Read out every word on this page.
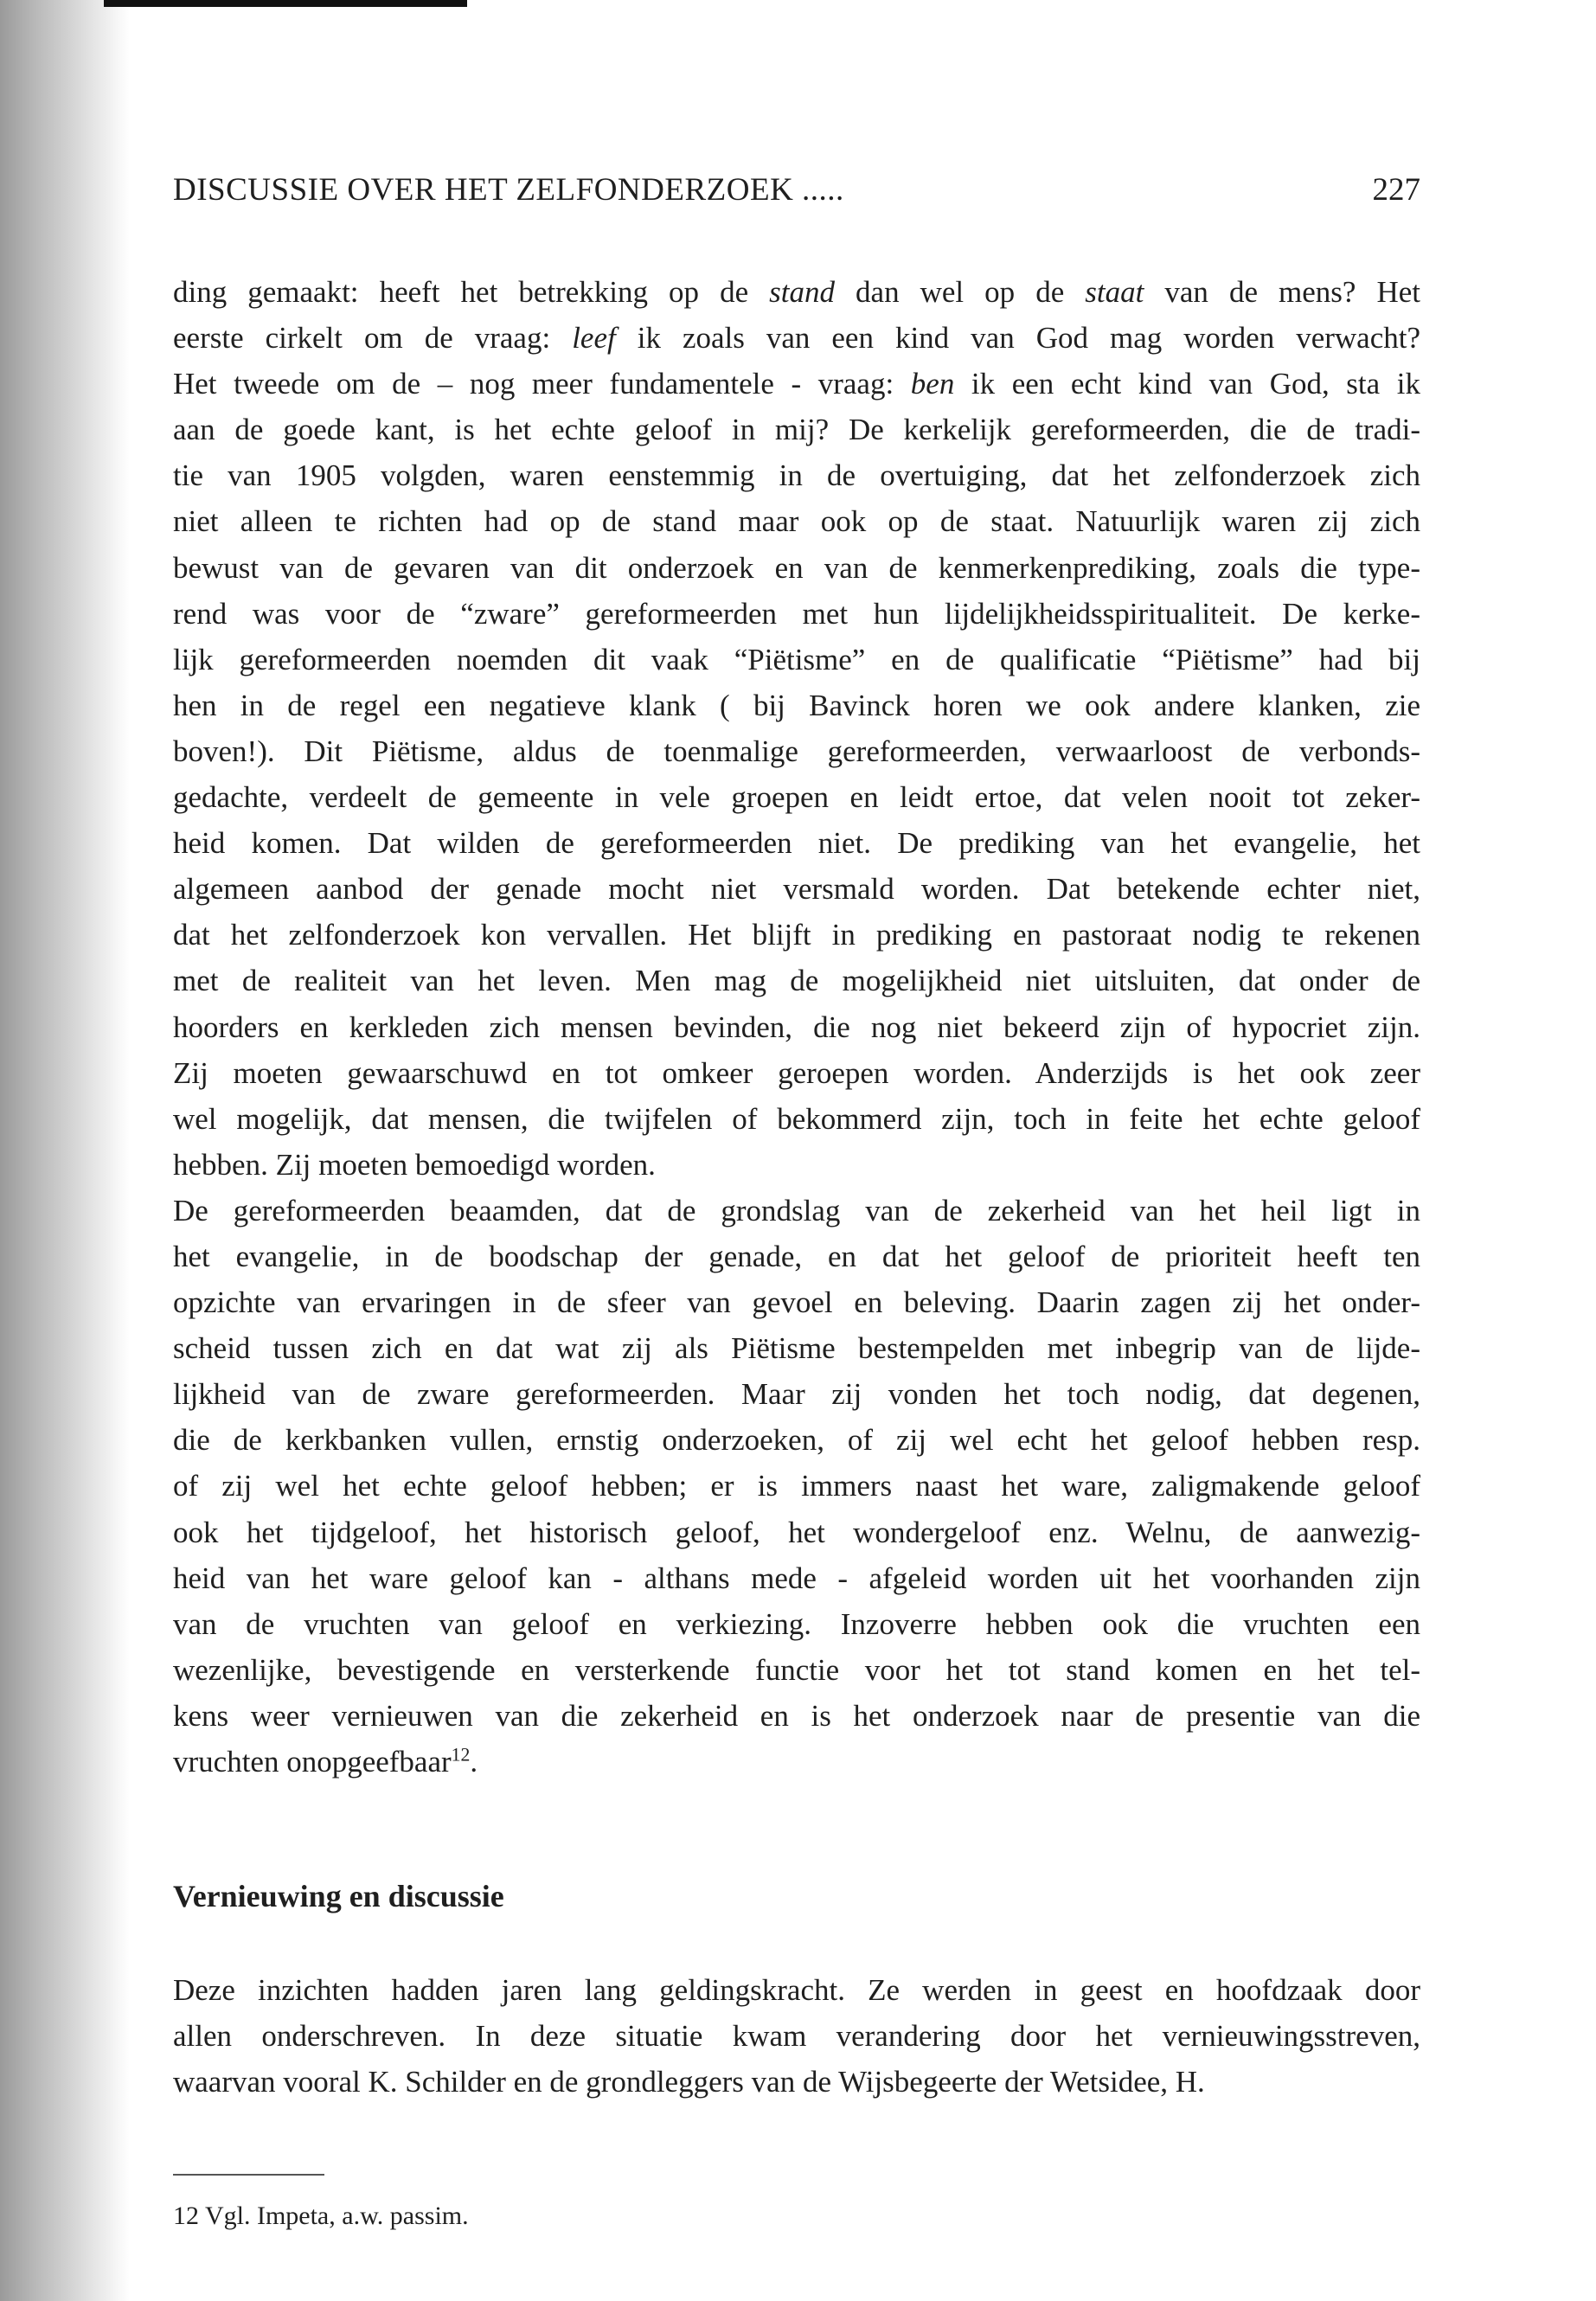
DISCUSSIE OVER HET ZELFONDERZOEK .....	227
ding gemaakt: heeft het betrekking op de stand dan wel op de staat van de mens? Het
eerste cirkelt om de vraag: leef ik zoals van een kind van God mag worden verwacht?
Het tweede om de – nog meer fundamentele - vraag: ben ik een echt kind van God, sta ik
aan de goede kant, is het echte geloof in mij? De kerkelijk gereformeerden, die de tradi-
tie van 1905 volgden, waren eenstemmig in de overtuiging, dat het zelfonderzoek zich
niet alleen te richten had op de stand maar ook op de staat. Natuurlijk waren zij zich
bewust van de gevaren van dit onderzoek en van de kenmerkenprediking, zoals die type-
rend was voor de “zware” gereformeerden met hun lijdelijkheidsspiritualiteit. De kerke-
lijk gereformeerden noemden dit vaak “Piëtisme” en de qualificatie “Piëtisme” had bij
hen in de regel een negatieve klank ( bij Bavinck horen we ook andere klanken, zie
boven!). Dit Piëtisme, aldus de toenmalige gereformeerden, verwaarloost de verbonds-
gedachte, verdeelt de gemeente in vele groepen en leidt ertoe, dat velen nooit tot zeker-
heid komen. Dat wilden de gereformeerden niet. De prediking van het evangelie, het
algemeen aanbod der genade mocht niet versmald worden. Dat betekende echter niet,
dat het zelfonderzoek kon vervallen. Het blijft in prediking en pastoraat nodig te rekenen
met de realiteit van het leven. Men mag de mogelijkheid niet uitsluiten, dat onder de
hoorders en kerkleden zich mensen bevinden, die nog niet bekeerd zijn of hypocriet zijn.
Zij moeten gewaarschuwd en tot omkeer geroepen worden. Anderzijds is het ook zeer
wel mogelijk, dat mensen, die twijfelen of bekommerd zijn, toch in feite het echte geloof
hebben. Zij moeten bemoedigd worden.
De gereformeerden beaamden, dat de grondslag van de zekerheid van het heil ligt in
het evangelie, in de boodschap der genade, en dat het geloof de prioriteit heeft ten
opzichte van ervaringen in de sfeer van gevoel en beleving. Daarin zagen zij het onder-
scheid tussen zich en dat wat zij als Piëtisme bestempelden met inbegrip van de lijde-
lijkheid van de zware gereformeerden. Maar zij vonden het toch nodig, dat degenen,
die de kerkbanken vullen, ernstig onderzoeken, of zij wel echt het geloof hebben resp.
of zij wel het echte geloof hebben; er is immers naast het ware, zaligmakende geloof
ook het tijdgeloof, het historisch geloof, het wondergeloof enz. Welnu, de aanwezig-
heid van het ware geloof kan - althans mede - afgeleid worden uit het voorhanden zijn
van de vruchten van geloof en verkiezing. Inzoverre hebben ook die vruchten een
wezenlijke, bevestigende en versterkende functie voor het tot stand komen en het tel-
kens weer vernieuwen van die zekerheid en is het onderzoek naar de presentie van die
vruchten onopgeefbaar$^{12}$.
Vernieuwing en discussie
Deze inzichten hadden jaren lang geldingskracht. Ze werden in geest en hoofdzaak door
allen onderschreven. In deze situatie kwam verandering door het vernieuwingsstreven,
waarvan vooral K. Schilder en de grondleggers van de Wijsbegeerte der Wetsidee, H.
12 Vgl. Impeta, a.w. passim.
